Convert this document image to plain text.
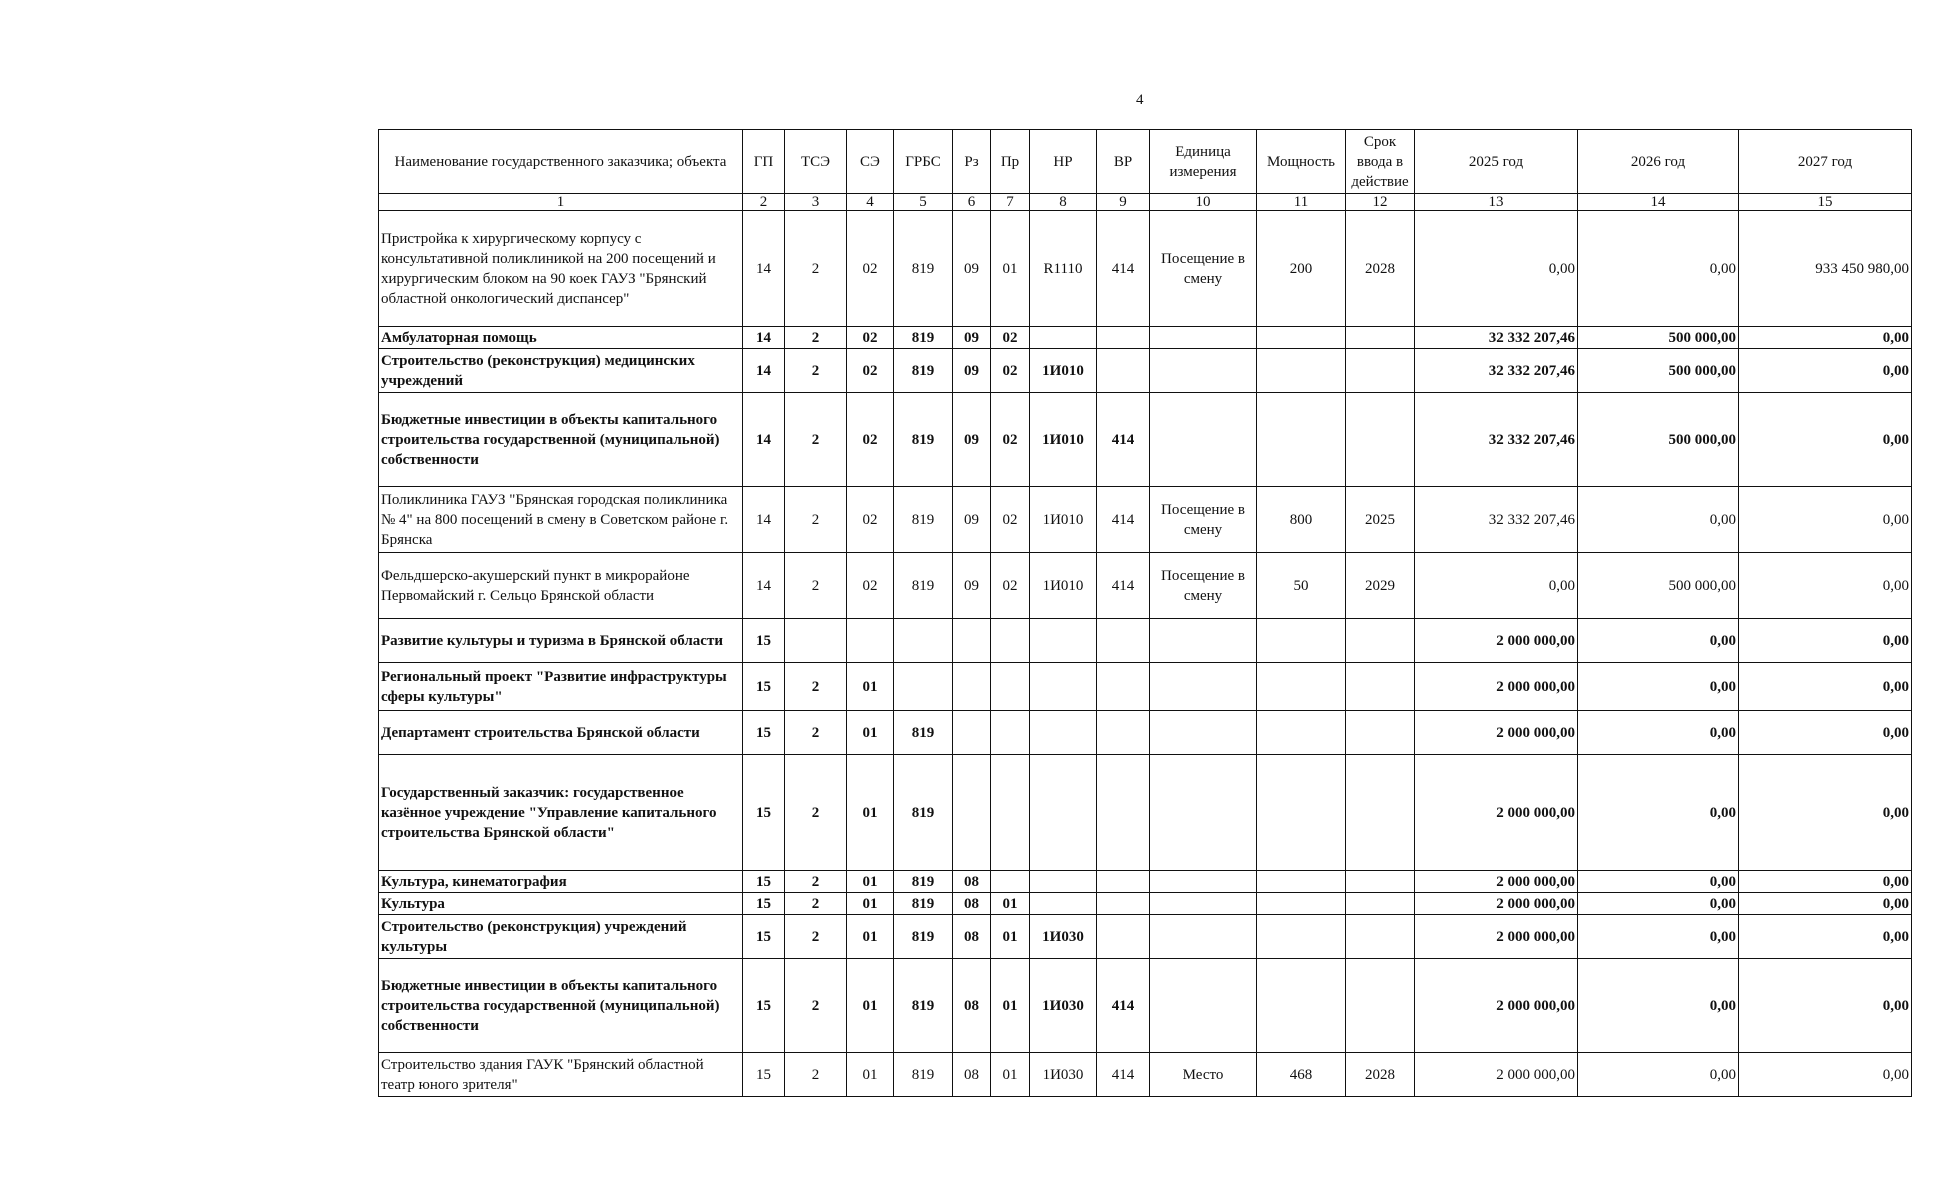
4
Наименование государственного заказчика; объекта	ГП	ТСЭ	СЭ	ГРБС	Рз	Пр	НР	ВР	Единица измерения	Мощность	Срок ввода в действие	2025 год	2026 год	2027 год
1	2	3	4	5	6	7	8	9	10	11	12	13	14	15
Пристройка к хирургическому корпусу с консультативной поликлиникой на 200 посещений и хирургическим блоком на 90 коек ГАУЗ "Брянский областной онкологический диспансер"	14	2	02	819	09	01	R1110	414	Посещение в смену	200	2028	0,00	0,00	933 450 980,00
Амбулаторная помощь	14	2	02	819	09	02						32 332 207,46	500 000,00	0,00
Строительство (реконструкция) медицинских учреждений	14	2	02	819	09	02	1И010					32 332 207,46	500 000,00	0,00
Бюджетные инвестиции в объекты капитального строительства государственной (муниципальной) собственности	14	2	02	819	09	02	1И010	414				32 332 207,46	500 000,00	0,00
Поликлиника ГАУЗ "Брянская городская поликлиника № 4" на 800 посещений в смену в Советском районе г. Брянска	14	2	02	819	09	02	1И010	414	Посещение в смену	800	2025	32 332 207,46	0,00	0,00
Фельдшерско-акушерский пункт в микрорайоне Первомайский г. Сельцо Брянской области	14	2	02	819	09	02	1И010	414	Посещение в смену	50	2029	0,00	500 000,00	0,00
Развитие культуры и туризма в Брянской области	15											2 000 000,00	0,00	0,00
Региональный проект "Развитие инфраструктуры сферы культуры"	15	2	01									2 000 000,00	0,00	0,00
Департамент строительства Брянской области	15	2	01	819								2 000 000,00	0,00	0,00
Государственный заказчик: государственное казённое учреждение "Управление капитального строительства Брянской области"	15	2	01	819								2 000 000,00	0,00	0,00
Культура, кинематография	15	2	01	819	08							2 000 000,00	0,00	0,00
Культура	15	2	01	819	08	01						2 000 000,00	0,00	0,00
Строительство (реконструкция) учреждений культуры	15	2	01	819	08	01	1И030					2 000 000,00	0,00	0,00
Бюджетные инвестиции в объекты капитального строительства государственной (муниципальной) собственности	15	2	01	819	08	01	1И030	414				2 000 000,00	0,00	0,00
Строительство здания ГАУК "Брянский областной театр юного зрителя"	15	2	01	819	08	01	1И030	414	Место	468	2028	2 000 000,00	0,00	0,00
